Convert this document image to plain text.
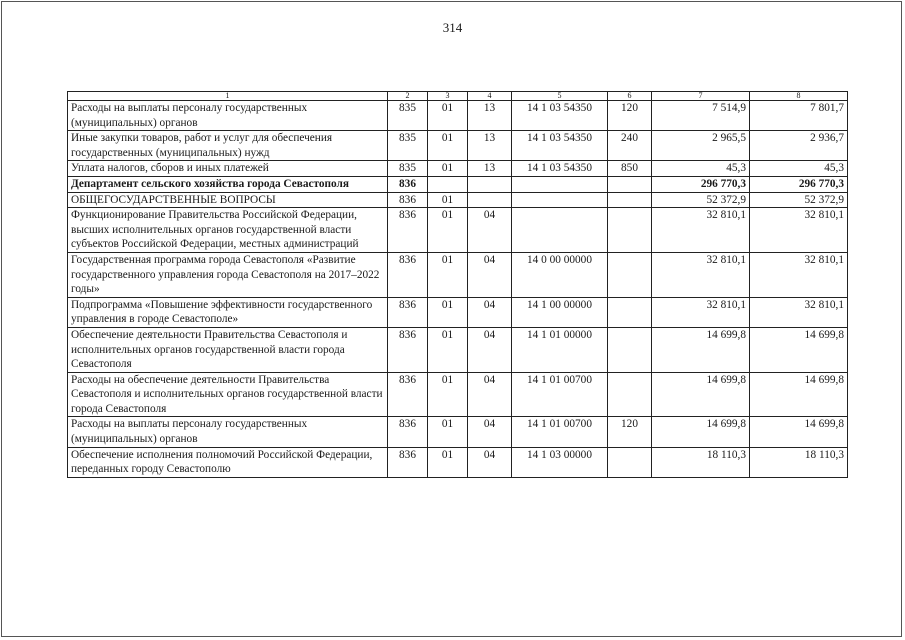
314
1	2	3	4	5	6	7	8
Расходы на выплаты персоналу государственных (муниципальных) органов	835	01	13	14 1 03 54350	120	7 514,9	7 801,7
Иные закупки товаров, работ и услуг для обеспечения государственных (муниципальных) нужд	835	01	13	14 1 03 54350	240	2 965,5	2 936,7
Уплата налогов, сборов и иных платежей	835	01	13	14 1 03 54350	850	45,3	45,3
Департамент сельского хозяйства города Севастополя	836					296 770,3	296 770,3
ОБЩЕГОСУДАРСТВЕННЫЕ ВОПРОСЫ	836	01				52 372,9	52 372,9
Функционирование Правительства Российской Федерации, высших исполнительных органов государственной власти субъектов Российской Федерации, местных администраций	836	01	04			32 810,1	32 810,1
Государственная программа города Севастополя «Развитие государственного управления города Севастополя на 2017–2022 годы»	836	01	04	14 0 00 00000		32 810,1	32 810,1
Подпрограмма «Повышение эффективности государственного управления в городе Севастополе»	836	01	04	14 1 00 00000		32 810,1	32 810,1
Обеспечение деятельности Правительства Севастополя и исполнительных органов государственной власти города Севастополя	836	01	04	14 1 01 00000		14 699,8	14 699,8
Расходы на обеспечение деятельности Правительства Севастополя и исполнительных органов государственной власти города Севастополя	836	01	04	14 1 01 00700		14 699,8	14 699,8
Расходы на выплаты персоналу государственных (муниципальных) органов	836	01	04	14 1 01 00700	120	14 699,8	14 699,8
Обеспечение исполнения полномочий Российской Федерации, переданных городу Севастополю	836	01	04	14 1 03 00000		18 110,3	18 110,3
